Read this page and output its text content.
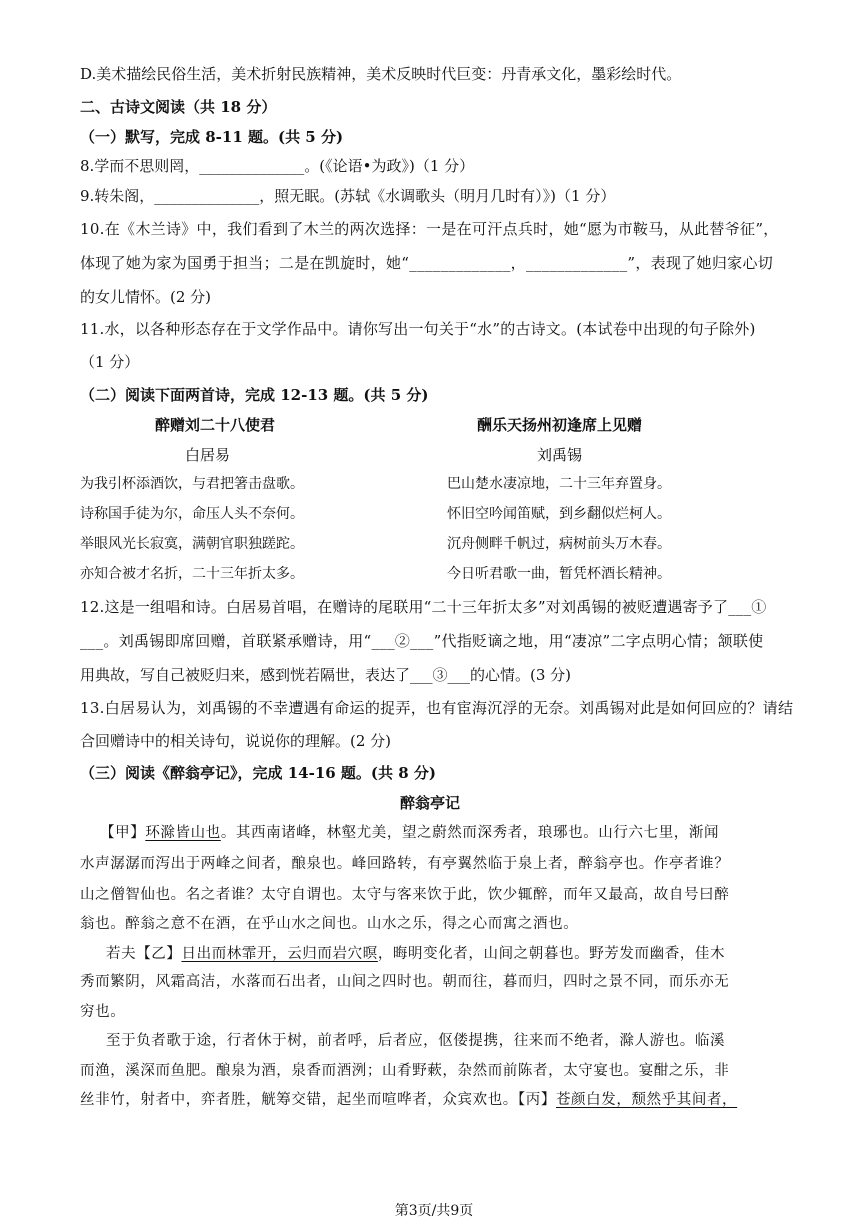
D.美术描绘民俗生活，美术折射民族精神，美术反映时代巨变：丹青承文化，墨彩绘时代。
二、古诗文阅读（共 18 分）
（一）默写，完成 8-11 题。(共 5 分)
8.学而不思则罔，______________。(《论语•为政》)（1 分）
9.转朱阁，______________，照无眠。(苏轼《水调歌头（明月几时有）》)（1 分）
10.在《木兰诗》中，我们看到了木兰的两次选择：一是在可汗点兵时，她“愿为市鞍马，从此替爷征”，
体现了她为家为国勇于担当；二是在凯旋时，她“_____________，_____________”，表现了她归家心切
的女儿情怀。(2 分)
11.水，以各种形态存在于文学作品中。请你写出一句关于“水”的古诗文。(本试卷中出现的句子除外)
（1 分）
（二）阅读下面两首诗，完成 12-13 题。(共 5 分)
醉赠刘二十八使君
白居易
为我引杯添酒饮，与君把箸击盘歌。
诗称国手徒为尔，命压人头不奈何。
举眼风光长寂寞，满朝官职独蹉跎。
亦知合被才名折，二十三年折太多。
酬乐天扬州初逢席上见赠
刘禹锡
巴山楚水凄凉地，二十三年弃置身。
怀旧空吟闻笛赋，到乡翻似烂柯人。
沉舟侧畔千帆过，病树前头万木春。
今日听君歌一曲，暂凭杯酒长精神。
12.这是一组唱和诗。白居易首唱，在赠诗的尾联用“二十三年折太多”对刘禹锡的被贬遭遇寄予了___①
___。刘禹锡即席回赠，首联紧承赠诗，用“___②___”代指贬谪之地，用“凄凉”二字点明心情；颔联使
用典故，写自己被贬归来，感到恍若隔世，表达了___③___的心情。(3 分)
13.白居易认为，刘禹锡的不幸遭遇有命运的捉弄，也有宦海沉浮的无奈。刘禹锡对此是如何回应的？请结
合回赠诗中的相关诗句，说说你的理解。(2 分)
（三）阅读《醉翁亭记》，完成 14-16 题。(共 8 分)
醉翁亭记
【甲】环滁皆山也。其西南诸峰，林壑尤美，望之蔚然而深秀者，琅琊也。山行六七里，渐闻
水声潺潺而泻出于两峰之间者，酿泉也。峰回路转，有亭翼然临于泉上者，醉翁亭也。作亭者谁？
山之僧智仙也。名之者谁？太守自谓也。太守与客来饮于此，饮少辄醉，而年又最高，故自号曰醉
翁也。醉翁之意不在酒，在乎山水之间也。山水之乐，得之心而寓之酒也。
若夫【乙】日出而林霏开，云归而岩穴暝，晦明变化者，山间之朝暮也。野芳发而幽香，佳木
秀而繁阴，风霜高洁，水落而石出者，山间之四时也。朝而往，暮而归，四时之景不同，而乐亦无
穷也。
至于负者歌于途，行者休于树，前者呼，后者应，伛偻提携，往来而不绝者，滁人游也。临溪
而渔，溪深而鱼肥。酿泉为酒，泉香而酒洌；山肴野蔌，杂然而前陈者，太守宴也。宴酣之乐，非
丝非竹，射者中，弈者胜，觥筹交错，起坐而喧哗者，众宾欢也。【丙】苍颜白发，颓然乎其间者，
第3页/共9页
